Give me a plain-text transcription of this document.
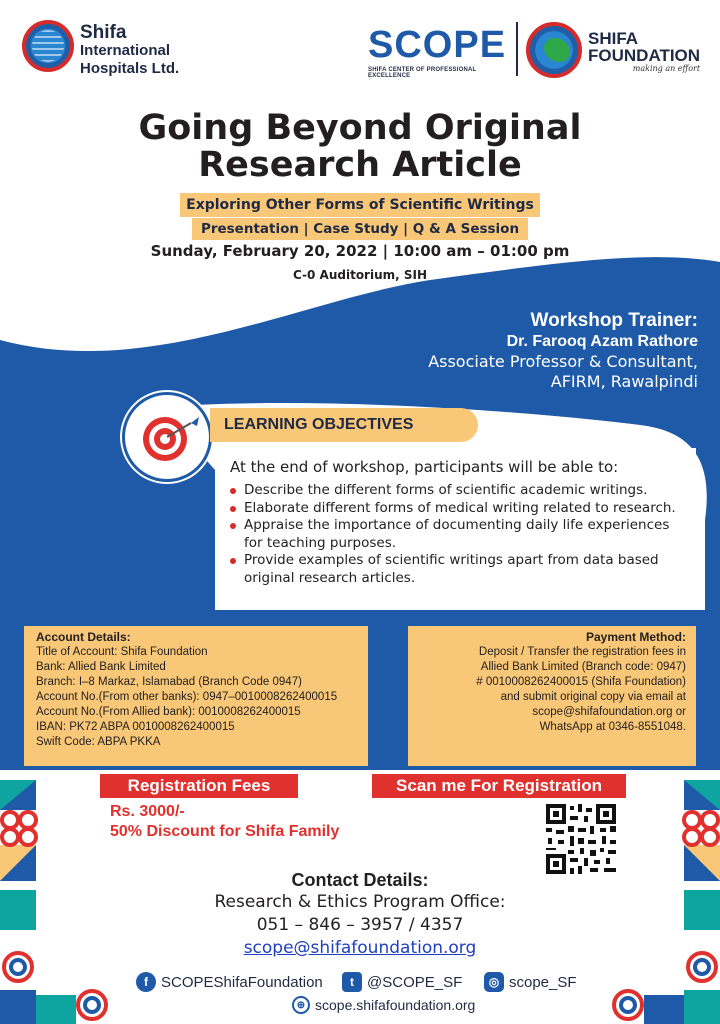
Shifa
International
Hospitals Ltd.
SCOPE
SHIFA CENTER OF PROFESSIONAL EXCELLENCE
SHIFA
FOUNDATION
making an effort
Going Beyond Original
Research Article
Exploring Other Forms of Scientific Writings
Presentation | Case Study | Q & A Session
Sunday, February 20, 2022 | 10:00 am – 01:00 pm
C-0 Auditorium, SIH
Workshop Trainer:
Dr. Farooq Azam Rathore
Associate Professor & Consultant,
AFIRM, Rawalpindi
LEARNING OBJECTIVES
At the end of workshop, participants will be able to:
Describe the different forms of scientific academic writings.
Elaborate different forms of medical writing related to research.
Appraise the importance of documenting daily life experiences for teaching purposes.
Provide examples of scientific writings apart from data based original research articles.
Account Details:
Title of Account: Shifa Foundation
Bank: Allied Bank Limited
Branch: I–8 Markaz, Islamabad (Branch Code 0947)
Account No.(From other banks): 0947–0010008262400015
Account No.(From Allied bank): 0010008262400015
IBAN: PK72 ABPA 0010008262400015
Swift Code: ABPA PKKA
Payment Method:
Deposit / Transfer the registration fees in
Allied Bank Limited (Branch code: 0947)
# 0010008262400015 (Shifa Foundation)
and submit original copy via email at
scope@shifafoundation.org or
WhatsApp at 0346-8551048.
Registration Fees
Rs. 3000/-
50% Discount for Shifa Family
Scan me For Registration
Contact Details:
Research & Ethics Program Office:
051 – 846 – 3957 / 4357
scope@shifafoundation.org
f SCOPEShifaFoundation	t @SCOPE_SF	◎ scope_SF
⊕ scope.shifafoundation.org
